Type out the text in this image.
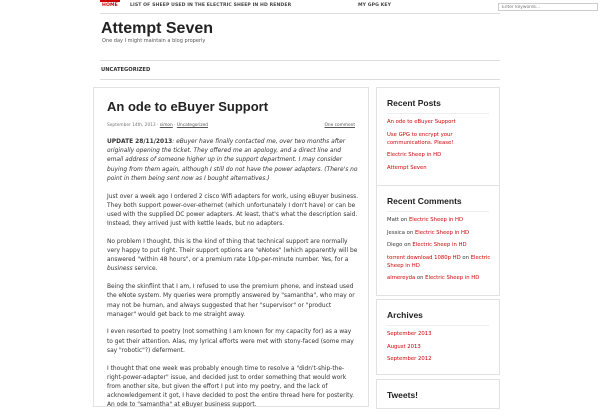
HOME	LIST OF SHEEP USED IN THE ELECTRIC SHEEP IN HD RENDER	MY GPG KEY
Enter keywords...
Attempt Seven
One day I might maintain a blog properly
UNCATEGORIZED
An ode to eBuyer Support
September 14th, 2013 · simon · Uncategorized	One comment

UPDATE 28/11/2013: eBuyer have finally contacted me, over two months after originally opening the ticket. They offered me an apology, and a direct line and email address of someone higher up in the support department. I may consider buying from them again, although I still do not have the power adapters. (There's no point in them being sent now as I bought alternatives.)

Just over a week ago I ordered 2 cisco Wifi adapters for work, using eBuyer business. They both support power-over-ethernet (which unfortunately I don't have) or can be used with the supplied DC power adapters. At least, that's what the description said. Instead, they arrived just with kettle leads, but no adapters.

No problem I thought, this is the kind of thing that technical support are normally very happy to put right. Their support options are "eNotes" (which apparently will be answered "within 48 hours", or a premium rate 10p-per-minute number. Yes, for a business service.

Being the skinflint that I am, I refused to use the premium phone, and instead used the eNote system. My queries were promptly answered by "samantha", who may or may not be human, and always suggested that her "supervisor" or "product manager" would get back to me straight away.

I even resorted to poetry (not something I am known for my capacity for) as a way to get their attention. Alas, my lyrical efforts were met with stony-faced (some may say "robotic"?) deferment.

I thought that one week was probably enough time to resolve a "didn't-ship-the-right-power-adapter" issue, and decided just to order something that would work from another site, but given the effort I put into my poetry, and the lack of acknowledgement it got, I have decided to post the entire thread here for posterity. An ode to "samantha" at eBuyer business support.

Recent Posts
An ode to eBuyer Support
Use GPG to encrypt your communications. Please!
Electric Sheep in HD
Attempt Seven
Recent Comments
Matt on Electric Sheep in HD
Jessica on Electric Sheep in HD
Diego on Electric Sheep in HD
torrent download 1080p HD on Electric Sheep in HD
almereyda on Electric Sheep in HD
Archives
September 2013
August 2013
September 2012
Tweets!
